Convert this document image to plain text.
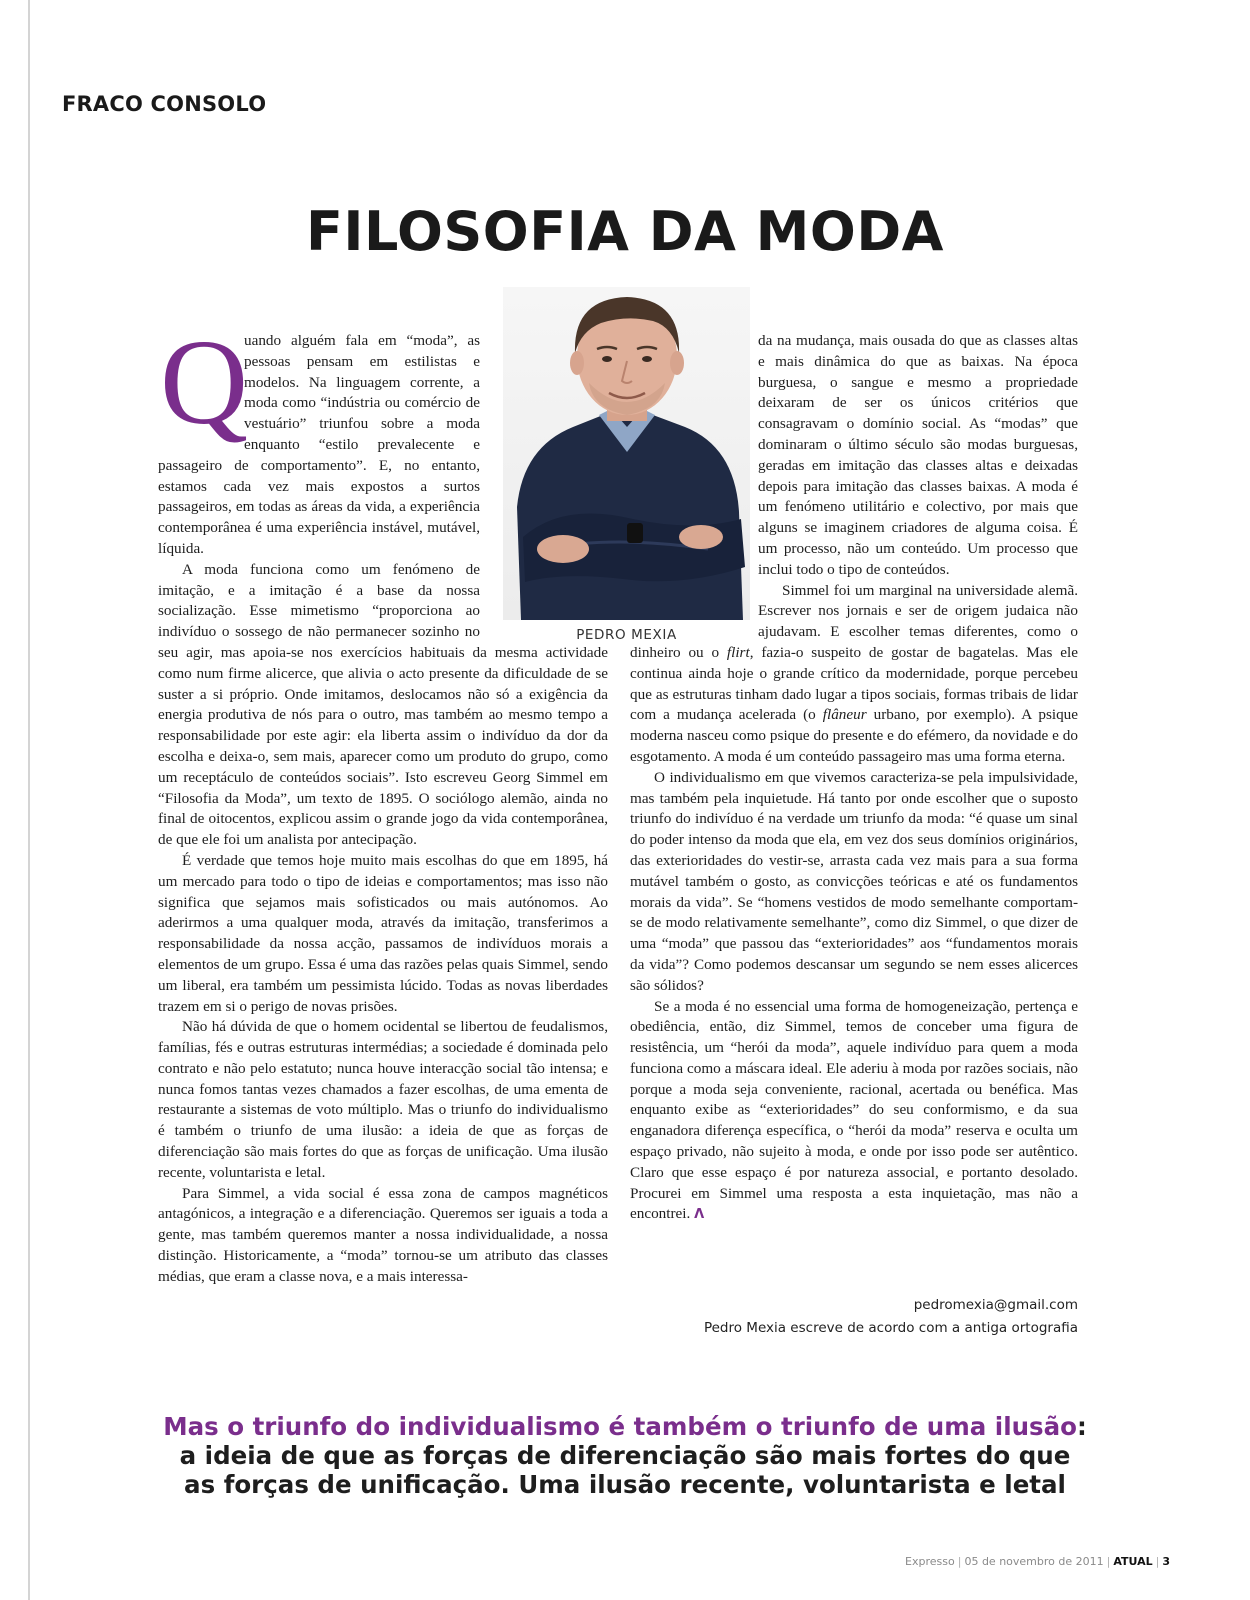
FRACO CONSOLO
FILOSOFIA DA MODA
PEDRO MEXIA
Q

uando alguém fala em “moda”, as pessoas pensam em estilistas e modelos. Na linguagem corrente, a moda como “indústria ou comércio de vestuário” triunfou sobre a moda enquanto “estilo prevalecente e passageiro de comportamento”. E, no entanto, estamos cada vez mais expostos a surtos passageiros, em todas as áreas da vida, a experiência contemporânea é uma experiência instável, mutável, líquida.

A moda funciona como um fenómeno de imitação, e a imitação é a base da nossa socialização. Esse mimetismo “proporciona ao indivíduo o sossego de não permanecer sozinho no seu agir, mas apoia-se nos exercícios habituais da mesma actividade como num firme alicerce, que alivia o acto presente da dificuldade de se suster a si próprio. Onde imitamos, deslocamos não só a exigência da energia produtiva de nós para o outro, mas também ao mesmo tempo a responsabilidade por este agir: ela liberta assim o indivíduo da dor da escolha e deixa-o, sem mais, aparecer como um produto do grupo, como um receptáculo de conteúdos sociais”. Isto escreveu Georg Simmel em “Filosofia da Moda”, um texto de 1895. O sociólogo alemão, ainda no final de oitocentos, explicou assim o grande jogo da vida contemporânea, de que ele foi um analista por antecipação.

É verdade que temos hoje muito mais escolhas do que em 1895, há um mercado para todo o tipo de ideias e comportamentos; mas isso não significa que sejamos mais sofisticados ou mais autónomos. Ao aderirmos a uma qualquer moda, através da imitação, transferimos a responsabilidade da nossa acção, passamos de indivíduos morais a elementos de um grupo. Essa é uma das razões pelas quais Simmel, sendo um liberal, era também um pessimista lúcido. Todas as novas liberdades trazem em si o perigo de novas prisões.

Não há dúvida de que o homem ocidental se libertou de feudalismos, famílias, fés e outras estruturas intermédias; a sociedade é dominada pelo contrato e não pelo estatuto; nunca houve interacção social tão intensa; e nunca fomos tantas vezes chamados a fazer escolhas, de uma ementa de restaurante a sistemas de voto múltiplo. Mas o triunfo do individualismo é também o triunfo de uma ilusão: a ideia de que as forças de diferenciação são mais fortes do que as forças de unificação. Uma ilusão recente, voluntarista e letal.

Para Simmel, a vida social é essa zona de campos magnéticos antagónicos, a integração e a diferenciação. Queremos ser iguais a toda a gente, mas também queremos manter a nossa individualidade, a nossa distinção. Historicamente, a “moda” tornou-se um atributo das classes médias, que eram a classe nova, e a mais interessa-

da na mudança, mais ousada do que as classes altas e mais dinâmica do que as baixas. Na época burguesa, o sangue e mesmo a propriedade deixaram de ser os únicos critérios que consagravam o domínio social. As “modas” que dominaram o último século são modas burguesas, geradas em imitação das classes altas e deixadas depois para imitação das classes baixas. A moda é um fenómeno utilitário e colectivo, por mais que alguns se imaginem criadores de alguma coisa. É um processo, não um conteúdo. Um processo que inclui todo o tipo de conteúdos.

Simmel foi um marginal na universidade alemã. Escrever nos jornais e ser de origem judaica não ajudavam. E escolher temas diferentes, como o dinheiro ou o flirt, fazia-o suspeito de gostar de bagatelas. Mas ele continua ainda hoje o grande crítico da modernidade, porque percebeu que as estruturas tinham dado lugar a tipos sociais, formas tribais de lidar com a mudança acelerada (o flâneur urbano, por exemplo). A psique moderna nasceu como psique do presente e do efémero, da novidade e do esgotamento. A moda é um conteúdo passageiro mas uma forma eterna.

O individualismo em que vivemos caracteriza-se pela impulsividade, mas também pela inquietude. Há tanto por onde escolher que o suposto triunfo do indivíduo é na verdade um triunfo da moda: “é quase um sinal do poder intenso da moda que ela, em vez dos seus domínios originários, das exterioridades do vestir-se, arrasta cada vez mais para a sua forma mutável também o gosto, as convicções teóricas e até os fundamentos morais da vida”. Se “homens vestidos de modo semelhante comportam-se de modo relativamente semelhante”, como diz Simmel, o que dizer de uma “moda” que passou das “exterioridades” aos “fundamentos morais da vida”? Como podemos descansar um segundo se nem esses alicerces são sólidos?

Se a moda é no essencial uma forma de homogeneização, pertença e obediência, então, diz Simmel, temos de conceber uma figura de resistência, um “herói da moda”, aquele indivíduo para quem a moda funciona como a máscara ideal. Ele aderiu à moda por razões sociais, não porque a moda seja conveniente, racional, acertada ou benéfica. Mas enquanto exibe as “exterioridades” do seu conformismo, e da sua enganadora diferença específica, o “herói da moda” reserva e oculta um espaço privado, não sujeito à moda, e onde por isso pode ser autêntico. Claro que esse espaço é por natureza associal, e portanto desolado. Procurei em Simmel uma resposta a esta inquietação, mas não a encontrei. Λ

pedromexia@gmail.com
Pedro Mexia escreve de acordo com a antiga ortografia
Mas o triunfo do individualismo é também o triunfo de uma ilusão:
a ideia de que as forças de diferenciação são mais fortes do que
as forças de unificação. Uma ilusão recente, voluntarista e letal
Expresso | 05 de novembro de 2011 | ATUAL | 3
